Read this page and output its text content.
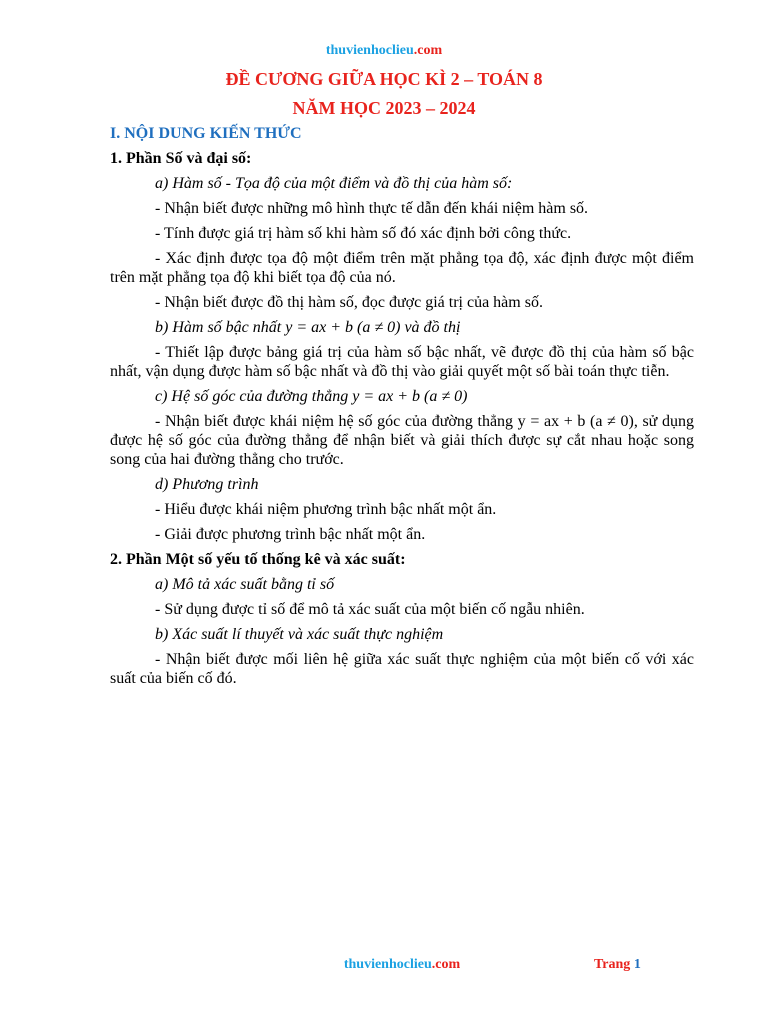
thuvienhoclieu.com
ĐỀ CƯƠNG GIỮA HỌC KÌ 2 – TOÁN 8
NĂM HỌC 2023 – 2024

I. NỘI DUNG KIẾN THỨC

1. Phần Số và đại số:

a) Hàm số - Tọa độ của một điểm và đồ thị của hàm số:

- Nhận biết được những mô hình thực tế dẫn đến khái niệm hàm số.

- Tính được giá trị hàm số khi hàm số đó xác định bởi công thức.

- Xác định được tọa độ một điểm trên mặt phẳng tọa độ, xác định được một điểm trên mặt phẳng tọa độ khi biết tọa độ của nó.

- Nhận biết được đồ thị hàm số, đọc được giá trị của hàm số.

b) Hàm số bậc nhất y = ax + b (a ≠ 0) và đồ thị

- Thiết lập được bảng giá trị của hàm số bậc nhất, vẽ được đồ thị của hàm số bậc nhất, vận dụng được hàm số bậc nhất và đồ thị vào giải quyết một số bài toán thực tiễn.

c) Hệ số góc của đường thẳng y = ax + b (a ≠ 0)

- Nhận biết được khái niệm hệ số góc của đường thẳng y = ax + b (a ≠ 0), sử dụng được hệ số góc của đường thẳng để nhận biết và giải thích được sự cắt nhau hoặc song song của hai đường thẳng cho trước.

d) Phương trình

- Hiểu được khái niệm phương trình bậc nhất một ẩn.

- Giải được phương trình bậc nhất một ẩn.

2. Phần Một số yếu tố thống kê và xác suất:

a) Mô tả xác suất bằng tỉ số

- Sử dụng được tỉ số để mô tả xác suất của một biến cố ngẫu nhiên.

b) Xác suất lí thuyết và xác suất thực nghiệm

- Nhận biết được mối liên hệ giữa xác suất thực nghiệm của một biến cố với xác suất của biến cố đó.

thuvienhoclieu.com	Trang 1
